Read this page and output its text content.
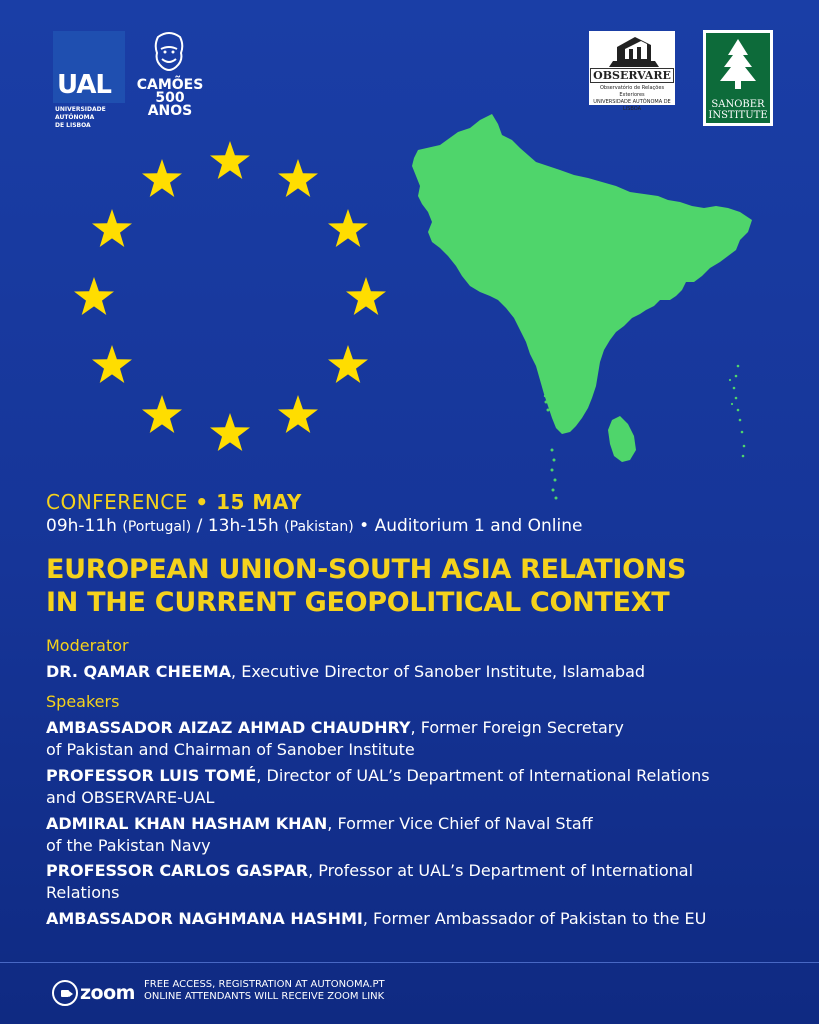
UAL
UNIVERSIDADE
AUTÓNOMA
DE LISBOA
CAMÕES
500 ANOS
OBSERVARE
Observatório de Relações Exteriores
UNIVERSIDADE AUTÓNOMA DE LISBOA	SANOBER
INSTITUTE
CONFERENCE • 15 MAY
09h-11h (Portugal) / 13h-15h (Pakistan) • Auditorium 1 and Online
EUROPEAN UNION-SOUTH ASIA RELATIONS
IN THE CURRENT GEOPOLITICAL CONTEXT
Moderator
DR. QAMAR CHEEMA, Executive Director of Sanober Institute, Islamabad
Speakers
AMBASSADOR AIZAZ AHMAD CHAUDHRY, Former Foreign Secretary
of Pakistan and Chairman of Sanober Institute
PROFESSOR LUIS TOMÉ, Director of UAL’s Department of International Relations
and OBSERVARE-UAL
ADMIRAL KHAN HASHAM KHAN, Former Vice Chief of Naval Staff
of the Pakistan Navy
PROFESSOR CARLOS GASPAR, Professor at UAL’s Department of International
Relations
AMBASSADOR NAGHMANA HASHMI, Former Ambassador of Pakistan to the EU
zoom FREE ACCESS, REGISTRATION AT AUTONOMA.PT
ONLINE ATTENDANTS WILL RECEIVE ZOOM LINK
